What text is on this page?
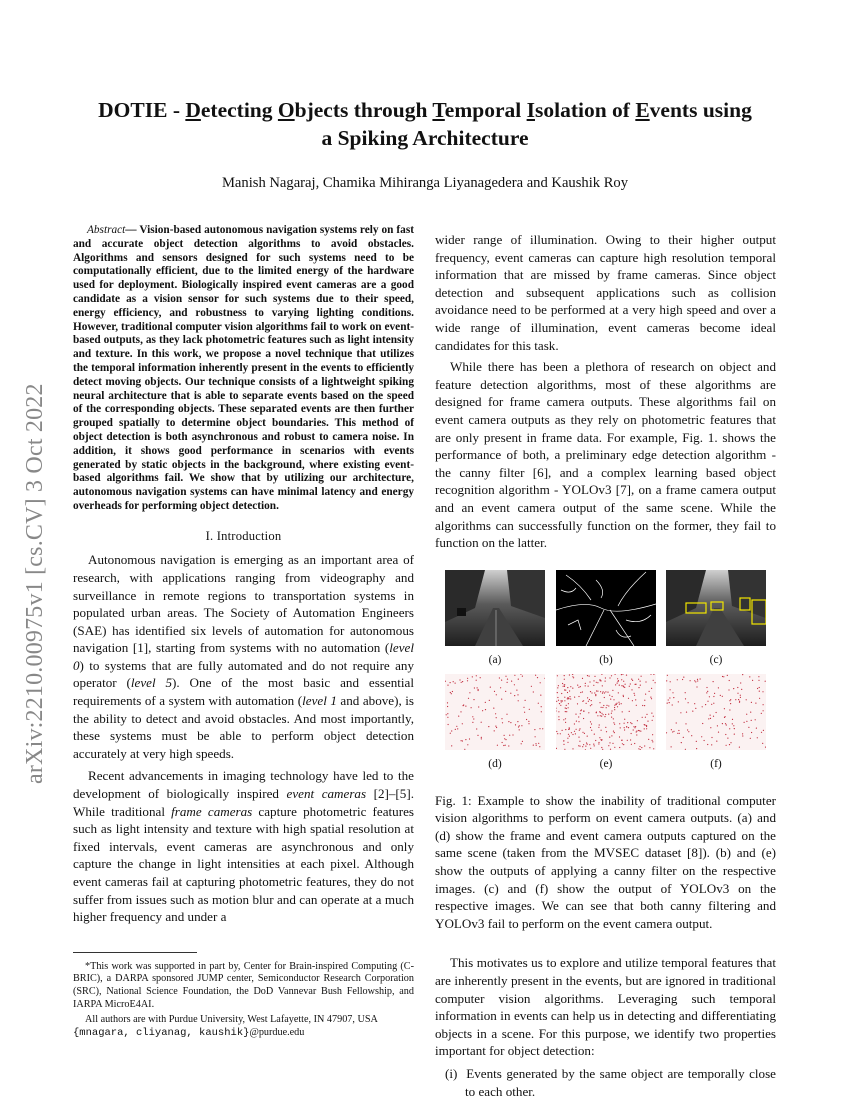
arXiv:2210.00975v1 [cs.CV] 3 Oct 2022
DOTIE - Detecting Objects through Temporal Isolation of Events using
a Spiking Architecture
Manish Nagaraj, Chamika Mihiranga Liyanagedera and Kaushik Roy

Abstract— Vision-based autonomous navigation systems rely on fast and accurate object detection algorithms to avoid obstacles. Algorithms and sensors designed for such systems need to be computationally efficient, due to the limited energy of the hardware used for deployment. Biologically inspired event cameras are a good candidate as a vision sensor for such systems due to their speed, energy efficiency, and robustness to varying lighting conditions. However, traditional computer vision algorithms fail to work on event-based outputs, as they lack photometric features such as light intensity and texture. In this work, we propose a novel technique that utilizes the temporal information inherently present in the events to efficiently detect moving objects. Our technique consists of a lightweight spiking neural architecture that is able to separate events based on the speed of the corresponding objects. These separated events are then further grouped spatially to determine object boundaries. This method of object detection is both asynchronous and robust to camera noise. In addition, it shows good performance in scenarios with events generated by static objects in the background, where existing event-based algorithms fail. We show that by utilizing our architecture, autonomous navigation systems can have minimal latency and energy overheads for performing object detection.

I. Introduction

Autonomous navigation is emerging as an important area of research, with applications ranging from videography and surveillance in remote regions to transportation systems in populated urban areas. The Society of Automation Engineers (SAE) has identified six levels of automation for autonomous navigation [1], starting from systems with no automation (level 0) to systems that are fully automated and do not require any operator (level 5). One of the most basic and essential requirements of a system with automation (level 1 and above), is the ability to detect and avoid obstacles. And most importantly, these systems must be able to perform object detection accurately at very high speeds.

Recent advancements in imaging technology have led to the development of biologically inspired event cameras [2]–[5]. While traditional frame cameras capture photometric features such as light intensity and texture with high spatial resolution at fixed intervals, event cameras are asynchronous and only capture the change in light intensities at each pixel. Although event cameras fail at capturing photometric features, they do not suffer from issues such as motion blur and can operate at a much higher frequency and under a

*This work was supported in part by, Center for Brain-inspired Computing (C-BRIC), a DARPA sponsored JUMP center, Semiconductor Research Corporation (SRC), National Science Foundation, the DoD Vannevar Bush Fellowship, and IARPA MicroE4AI.

All authors are with Purdue University, West Lafayette, IN 47907, USA

{mnagara, cliyanag, kaushik}@purdue.edu

wider range of illumination. Owing to their higher output frequency, event cameras can capture high resolution temporal information that are missed by frame cameras. Since object detection and subsequent applications such as collision avoidance need to be performed at a very high speed and over a wide range of illumination, event cameras become ideal candidates for this task.

While there has been a plethora of research on object and feature detection algorithms, most of these algorithms are designed for frame camera outputs. These algorithms fail on event camera outputs as they rely on photometric features that are only present in frame data. For example, Fig. 1. shows the performance of both, a preliminary edge detection algorithm - the canny filter [6], and a complex learning based object recognition algorithm - YOLOv3 [7], on a frame camera output and an event camera output of the same scene. While the algorithms can successfully function on the former, they fail to function on the latter.

(a)	(b)	(c)
(d)	(e)	(f)

Fig. 1: Example to show the inability of traditional computer vision algorithms to perform on event camera outputs. (a) and (d) show the frame and event camera outputs captured on the same scene (taken from the MVSEC dataset [8]). (b) and (e) show the outputs of applying a canny filter on the respective images. (c) and (f) show the output of YOLOv3 on the respective images. We can see that both canny filtering and YOLOv3 fail to perform on the event camera output.

This motivates us to explore and utilize temporal features that are inherently present in the events, but are ignored in traditional computer vision algorithms. Leveraging such temporal information in events can help us in detecting and differentiating objects in a scene. For this purpose, we identify two properties important for object detection:

(i) Events generated by the same object are temporally close to each other.
